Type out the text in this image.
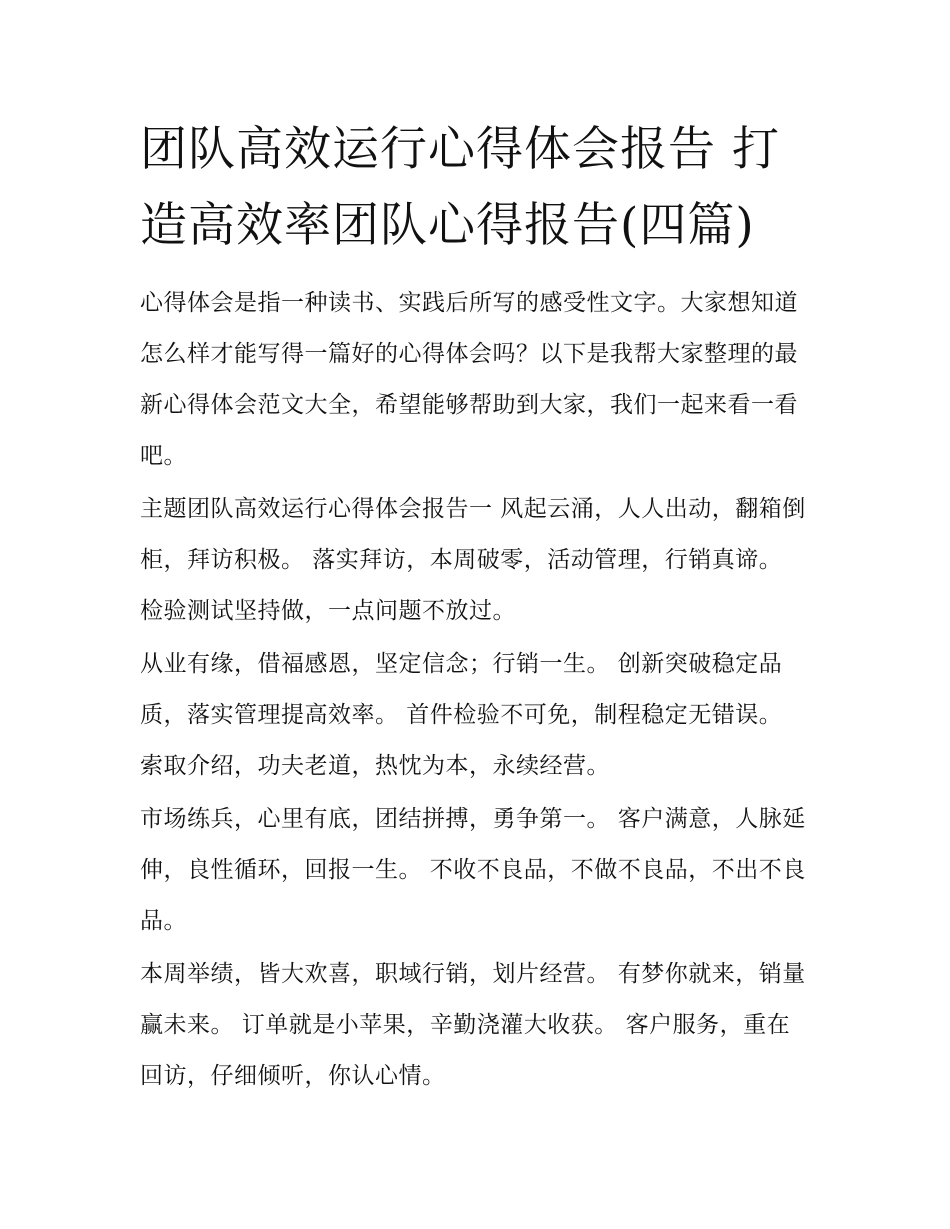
团队高效运行心得体会报告 打造高效率团队心得报告(四篇)

心得体会是指一种读书、实践后所写的感受性文字。大家想知道怎么样才能写得一篇好的心得体会吗？以下是我帮大家整理的最新心得体会范文大全，希望能够帮助到大家，我们一起来看一看吧。

主题团队高效运行心得体会报告一 风起云涌，人人出动，翻箱倒柜，拜访积极。 落实拜访，本周破零，活动管理，行销真谛。 检验测试坚持做，一点问题不放过。

从业有缘，借福感恩，坚定信念；行销一生。 创新突破稳定品质，落实管理提高效率。 首件检验不可免，制程稳定无错误。 索取介绍，功夫老道，热忱为本，永续经营。

市场练兵，心里有底，团结拼搏，勇争第一。 客户满意，人脉延伸，良性循环，回报一生。 不收不良品，不做不良品，不出不良品。

本周举绩，皆大欢喜，职域行销，划片经营。 有梦你就来，销量赢未来。 订单就是小苹果，辛勤浇灌大收获。 客户服务，重在回访，仔细倾听，你认心情。
